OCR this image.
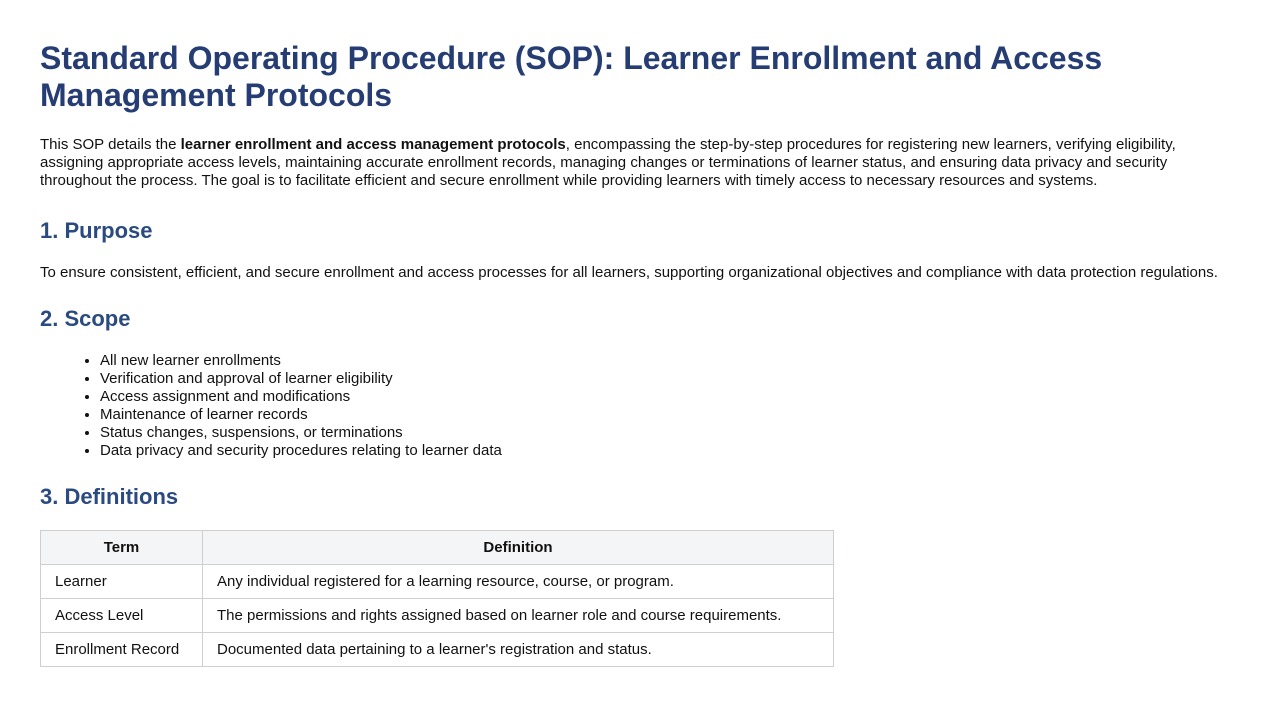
Standard Operating Procedure (SOP): Learner Enrollment and Access Management Protocols

This SOP details the learner enrollment and access management protocols, encompassing the step-by-step procedures for registering new learners, verifying eligibility, assigning appropriate access levels, maintaining accurate enrollment records, managing changes or terminations of learner status, and ensuring data privacy and security throughout the process. The goal is to facilitate efficient and secure enrollment while providing learners with timely access to necessary resources and systems.

1. Purpose

To ensure consistent, efficient, and secure enrollment and access processes for all learners, supporting organizational objectives and compliance with data protection regulations.

2. Scope
• All new learner enrollments
• Verification and approval of learner eligibility
• Access assignment and modifications
• Maintenance of learner records
• Status changes, suspensions, or terminations
• Data privacy and security procedures relating to learner data
3. Definitions
Term	Definition
Learner	Any individual registered for a learning resource, course, or program.
Access Level	The permissions and rights assigned based on learner role and course requirements.
Enrollment Record	Documented data pertaining to a learner's registration and status.
